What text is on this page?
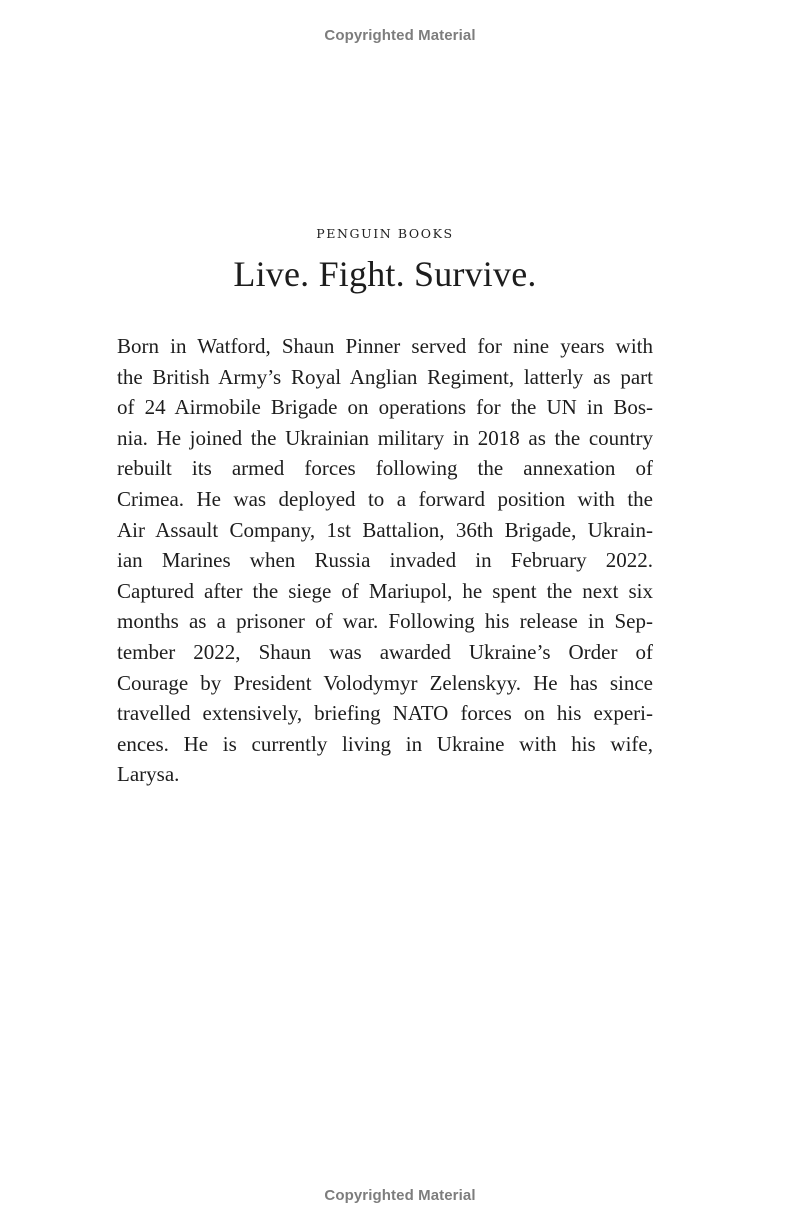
Copyrighted Material
PENGUIN BOOKS
Live. Fight. Survive.
Born in Watford, Shaun Pinner served for nine years with
the British Army’s Royal Anglian Regiment, latterly as part
of 24 Airmobile Brigade on operations for the UN in Bos-
nia. He joined the Ukrainian military in 2018 as the country
rebuilt its armed forces following the annexation of
Crimea. He was deployed to a forward position with the
Air Assault Company, 1st Battalion, 36th Brigade, Ukrain-
ian Marines when Russia invaded in February 2022.
Captured after the siege of Mariupol, he spent the next six
months as a prisoner of war. Following his release in Sep-
tember 2022, Shaun was awarded Ukraine’s Order of
Courage by President Volodymyr Zelenskyy. He has since
travelled extensively, briefing NATO forces on his experi-
ences. He is currently living in Ukraine with his wife,
Larysa.
Copyrighted Material
